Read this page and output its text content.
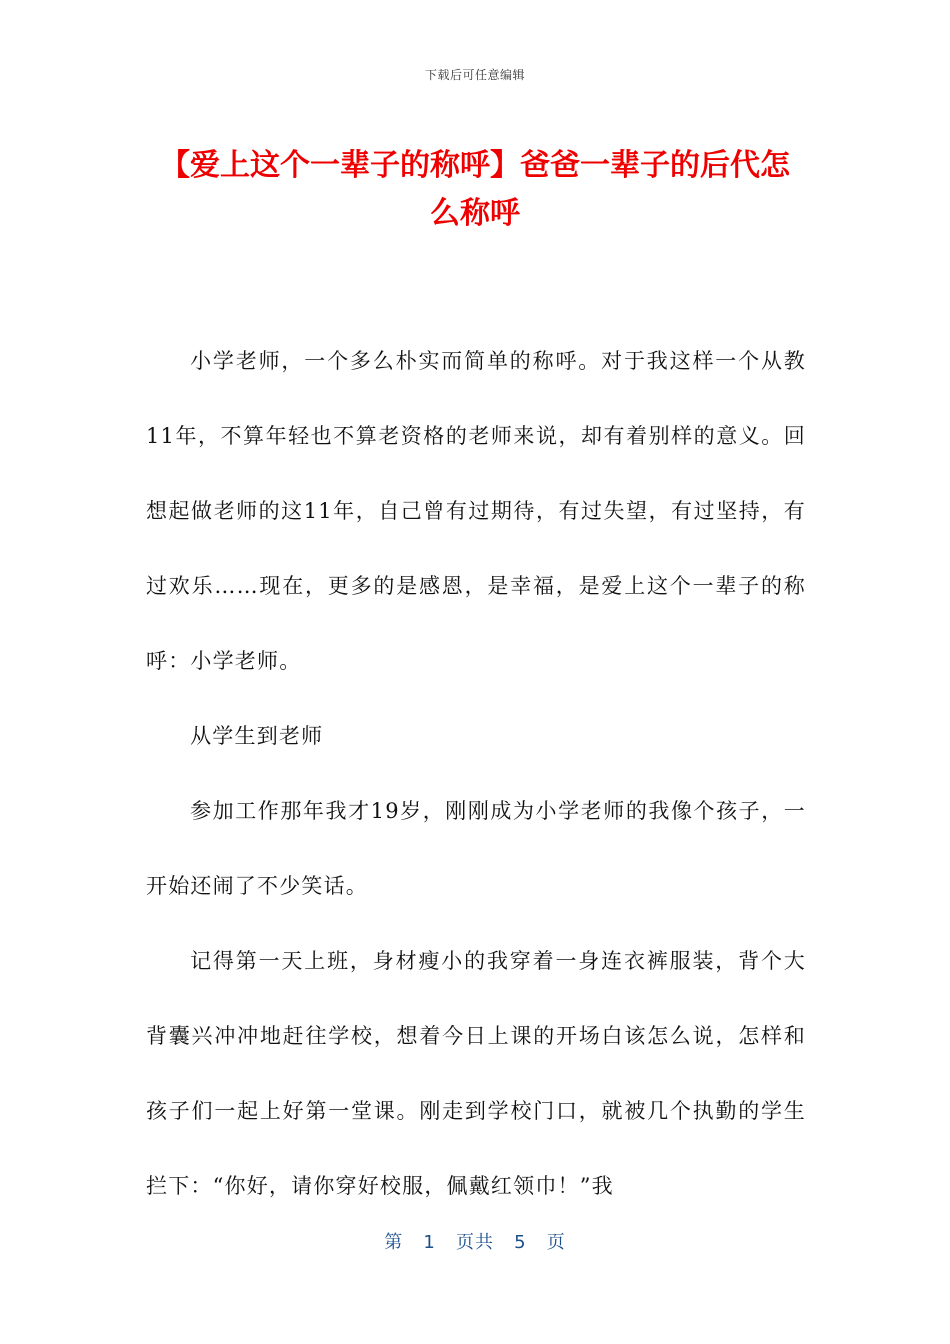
下载后可任意编辑
【爱上这个一辈子的称呼】爸爸一辈子的后代怎么称呼

小学老师，一个多么朴实而简单的称呼。对于我这样一个从教11年，不算年轻也不算老资格的老师来说，却有着别样的意义。回想起做老师的这11年，自己曾有过期待，有过失望，有过坚持，有过欢乐……现在，更多的是感恩，是幸福，是爱上这个一辈子的称呼：小学老师。

从学生到老师

参加工作那年我才19岁，刚刚成为小学老师的我像个孩子，一开始还闹了不少笑话。

记得第一天上班，身材瘦小的我穿着一身连衣裤服装，背个大背囊兴冲冲地赶往学校，想着今日上课的开场白该怎么说，怎样和孩子们一起上好第一堂课。刚走到学校门口，就被几个执勤的学生拦下：“你好，请你穿好校服，佩戴红领巾！”我

第 1 页共 5 页
